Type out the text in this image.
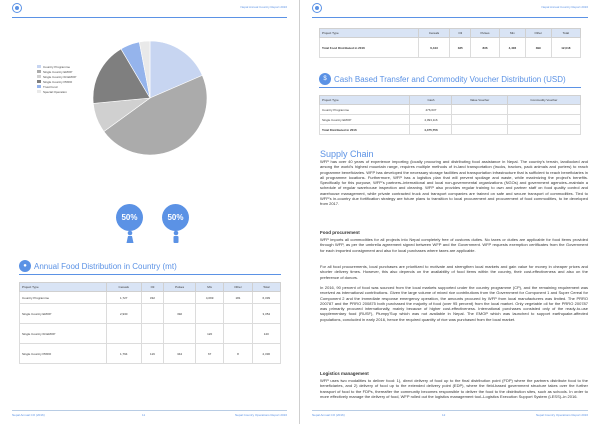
Nepal Annual Country Report 2016
Country Programme
Single Country EMOP
Single Country IR-EMOP
Single Country PRRO
Trust Fund
Special Operation
50%	50%
● Annual Food Distribution in Country (mt)
Project Type	Cereals	Oil	Pulses	Mix	Other	Total
Country Programme	1,727	332		4,099	181	6,339
Single Country EMOP	2,930		392			3,354
Single Country IR-EMOP				120		120
Single Country PRRO	1,794	119	344	67	8	2,330
Nepal Annual CO (2016)	11	Nepal Country Operations Report 2016
Nepal Annual Country Report 2016
Project Type	Cereals	Oil	Pulses	Mix	Other	Total
Total Food Distributed in 2016	6,443	335	836	4,406	399	12,018
$ Cash Based Transfer and Commodity Voucher Distribution (USD)
Project Type	Cash	Value Voucher	Commodity Voucher
Country Programme	476,637		
Single Country EMOP	4,093,116		
Total Distributed in 2016	4,475,756		
Nepal Annual CO (2016)	12	Nepal Country Operations Report 2016
Supply Chain

WFP has over 40 years of experience importing (locally procuring and distributing food assistance in Nepal. The country's terrain, landlocked and among the world's highest mountain range, requires multiple methods of in-land transportation (trucks, tractors, pack animals and porters) to reach programme beneficiaries. WFP has developed the necessary storage facilities and transportation infrastructure that is sufficient to reach beneficiaries in all programme locations. Furthermore, WFP has a logistics plan that will prevent spoilage and waste, while maximizing the project's benefits. Specifically for this purpose, WFP's partners–international and local non-governmental organizations (NGOs) and government agencies–maintain a schedule of regular warehouse inspection and cleaning. WFP also provides regular training to own and partner staff on food quality control and warehouse management, while private contracted truck and transport companies are trained on safe and secure transport of commodities. Tied to WFP's in-country due fortification strategy are future plans to transition to local procurement and procurement of food commodities, to be developed from 2017.

Food procurement

WFP imports all commodities for all projects into Nepal completely free of customs duties. No taxes or duties are applicable for food items provided through WFP, as per the umbrella agreement signed between WFP and the Government. WFP requests exemption certificates from the Government for each imported consignment and also for local purchases where taxes are applicable.

For all food procurements, local purchases are prioritized to motivate and strengthen local markets and gain value for money in cheaper prices and shorter delivery times. However, this also depends on the availability of food items within the country, their cost-effectiveness and also on the preference of donors.

In 2016, 90 percent of food was sourced from the local markets supported under the country programme (CP), and the remaining requirement was received as international contributions. Given the large volume of mixed rice contributions from the Government for Component 1 and Super Cereal for Component 2 and the immediate response emergency operation, the amounts procured by WFP from local manufacturers was limited. The PRRO 200787 and the PRRO 200875 both purchased the majority of food (over 95 percent) from the local market. Only vegetable oil for the PRRO 200787 was primarily procured internationally, mainly because of higher cost-effectiveness. International purchases consisted only of the ready-to-use supplementary food (RUSF), Plumpy'Sup which was not available in Nepal. The EMOP which was launched to support earthquake-affected populations, concluded in early 2016, hence the required quantity of rice was purchased from the local market.

Logistics management

WFP uses two modalities to deliver food: 1), direct delivery of food up to the final distribution point (FDP) where the partners distribute food to the beneficiaries, and 2) delivery of food up to the extended delivery point (EDP), where the field-based government structure takes over the further transport of food to the FDPs, thereafter the community becomes responsible to deliver the food to the distribution sites, such as schools. In order to more effectively manage the delivery of food, WFP rolled out the logistics management tool–Logistics Execution Support System (LESS)–in 2016.
